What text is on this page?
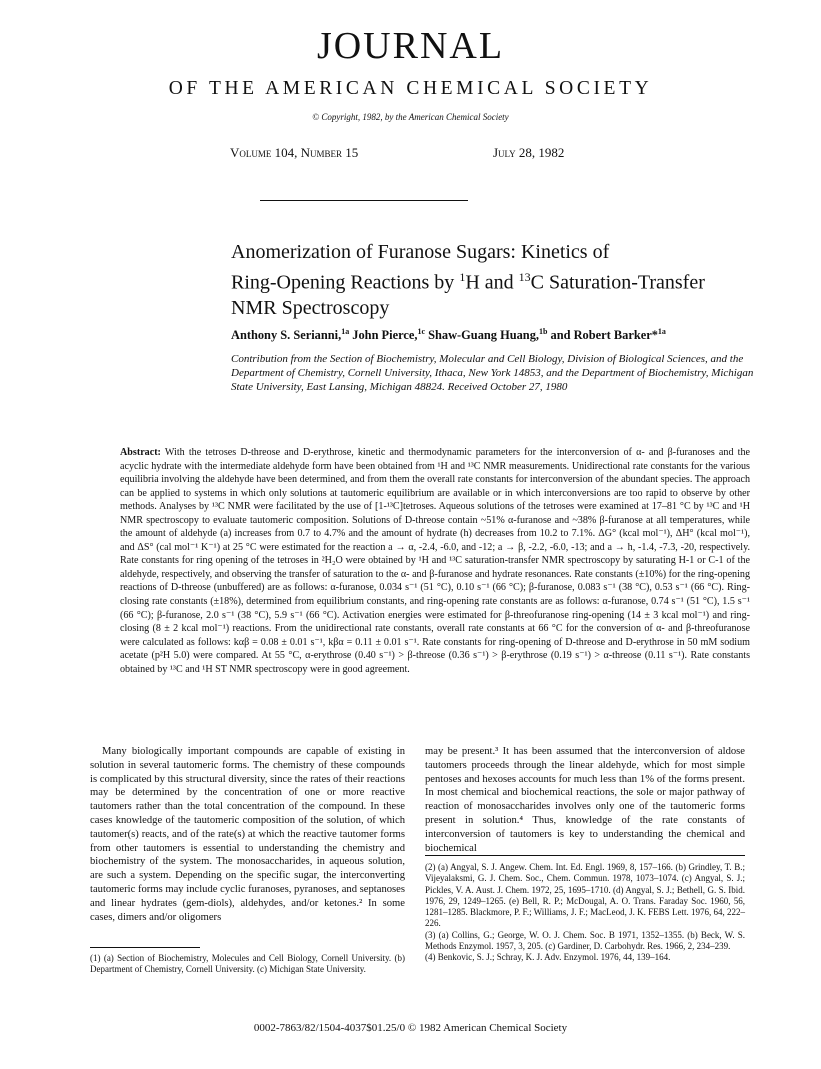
JOURNAL
OF THE AMERICAN CHEMICAL SOCIETY
© Copyright, 1982, by the American Chemical Society
Volume 104, Number 15	July 28, 1982
Anomerization of Furanose Sugars: Kinetics of
Ring-Opening Reactions by $^1$H and $^{13}$C Saturation-Transfer
NMR Spectroscopy
Anthony S. Serianni,$^{1a}$ John Pierce,$^{1c}$ Shaw-Guang Huang,$^{1b}$ and Robert Barker*$^{1a}$
Contribution from the Section of Biochemistry, Molecular and Cell Biology, Division of Biological Sciences, and the Department of Chemistry, Cornell University, Ithaca, New York 14853, and the Department of Biochemistry, Michigan State University, East Lansing, Michigan 48824. Received October 27, 1980

Abstract: With the tetroses D-threose and D-erythrose, kinetic and thermodynamic parameters for the interconversion of α- and β-furanoses and the acyclic hydrate with the intermediate aldehyde form have been obtained from ¹H and ¹³C NMR measurements. Unidirectional rate constants for the various equilibria involving the aldehyde have been determined, and from them the overall rate constants for interconversion of the abundant species. The approach can be applied to systems in which only solutions at tautomeric equilibrium are available or in which interconversions are too rapid to observe by other methods. Analyses by ¹³C NMR were facilitated by the use of [1-¹³C]tetroses. Aqueous solutions of the tetroses were examined at 17–81 °C by ¹³C and ¹H NMR spectroscopy to evaluate tautomeric composition. Solutions of D-threose contain ~51% α-furanose and ~38% β-furanose at all temperatures, while the amount of aldehyde (a) increases from 0.7 to 4.7% and the amount of hydrate (h) decreases from 10.2 to 7.1%. ΔG° (kcal mol⁻¹), ΔH° (kcal mol⁻¹), and ΔS° (cal mol⁻¹ K⁻¹) at 25 °C were estimated for the reaction a → α, -2.4, -6.0, and -12; a → β, -2.2, -6.0, -13; and a → h, -1.4, -7.3, -20, respectively. Rate constants for ring opening of the tetroses in ²H₂O were obtained by ¹H and ¹³C saturation-transfer NMR spectroscopy by saturating H-1 or C-1 of the aldehyde, respectively, and observing the transfer of saturation to the α- and β-furanose and hydrate resonances. Rate constants (±10%) for the ring-opening reactions of D-threose (unbuffered) are as follows: α-furanose, 0.034 s⁻¹ (51 °C), 0.10 s⁻¹ (66 °C); β-furanose, 0.083 s⁻¹ (38 °C), 0.53 s⁻¹ (66 °C). Ring-closing rate constants (±18%), determined from equilibrium constants, and ring-opening rate constants are as follows: α-furanose, 0.74 s⁻¹ (51 °C), 1.5 s⁻¹ (66 °C); β-furanose, 2.0 s⁻¹ (38 °C), 5.9 s⁻¹ (66 °C). Activation energies were estimated for β-threofuranose ring-opening (14 ± 3 kcal mol⁻¹) and ring-closing (8 ± 2 kcal mol⁻¹) reactions. From the unidirectional rate constants, overall rate constants at 66 °C for the conversion of α- and β-threofuranose were calculated as follows: kαβ = 0.08 ± 0.01 s⁻¹, kβα = 0.11 ± 0.01 s⁻¹. Rate constants for ring-opening of D-threose and D-erythrose in 50 mM sodium acetate (p²H 5.0) were compared. At 55 °C, α-erythrose (0.40 s⁻¹) > β-threose (0.36 s⁻¹) > β-erythrose (0.19 s⁻¹) > α-threose (0.11 s⁻¹). Rate constants obtained by ¹³C and ¹H ST NMR spectroscopy were in good agreement.

Many biologically important compounds are capable of existing in solution in several tautomeric forms. The chemistry of these compounds is complicated by this structural diversity, since the rates of their reactions may be determined by the concentration of one or more reactive tautomers rather than the total concentration of the compound. In these cases knowledge of the tautomeric composition of the solution, of which tautomer(s) reacts, and of the rate(s) at which the reactive tautomer forms from other tautomers is essential to understanding the chemistry and biochemistry of the system. The monosaccharides, in aqueous solution, are such a system. Depending on the specific sugar, the interconverting tautomeric forms may include cyclic furanoses, pyranoses, and septanoses and linear hydrates (gem-diols), aldehydes, and/or ketones.² In some cases, dimers and/or oligomers
may be present.³ It has been assumed that the interconversion of aldose tautomers proceeds through the linear aldehyde, which for most simple pentoses and hexoses accounts for much less than 1% of the forms present. In most chemical and biochemical reactions, the sole or major pathway of reaction of monosaccharides involves only one of the tautomeric forms present in solution.⁴ Thus, knowledge of the rate constants of interconversion of tautomers is key to understanding the chemical and biochemical

(2) (a) Angyal, S. J. Angew. Chem. Int. Ed. Engl. 1969, 8, 157–166. (b) Grindley, T. B.; Vijeyalaksmi, G. J. Chem. Soc., Chem. Commun. 1978, 1073–1074. (c) Angyal, S. J.; Pickles, V. A. Aust. J. Chem. 1972, 25, 1695–1710. (d) Angyal, S. J.; Bethell, G. S. Ibid. 1976, 29, 1249–1265. (e) Bell, R. P.; McDougal, A. O. Trans. Faraday Soc. 1960, 56, 1281–1285. Blackmore, P. F.; Williams, J. F.; MacLeod, J. K. FEBS Lett. 1976, 64, 222–226.

(3) (a) Collins, G.; George, W. O. J. Chem. Soc. B 1971, 1352–1355. (b) Beck, W. S. Methods Enzymol. 1957, 3, 205. (c) Gardiner, D. Carbohydr. Res. 1966, 2, 234–239.

(4) Benkovic, S. J.; Schray, K. J. Adv. Enzymol. 1976, 44, 139–164.

(1) (a) Section of Biochemistry, Molecules and Cell Biology, Cornell University. (b) Department of Chemistry, Cornell University. (c) Michigan State University.

0002-7863/82/1504-4037$01.25/0 © 1982 American Chemical Society
